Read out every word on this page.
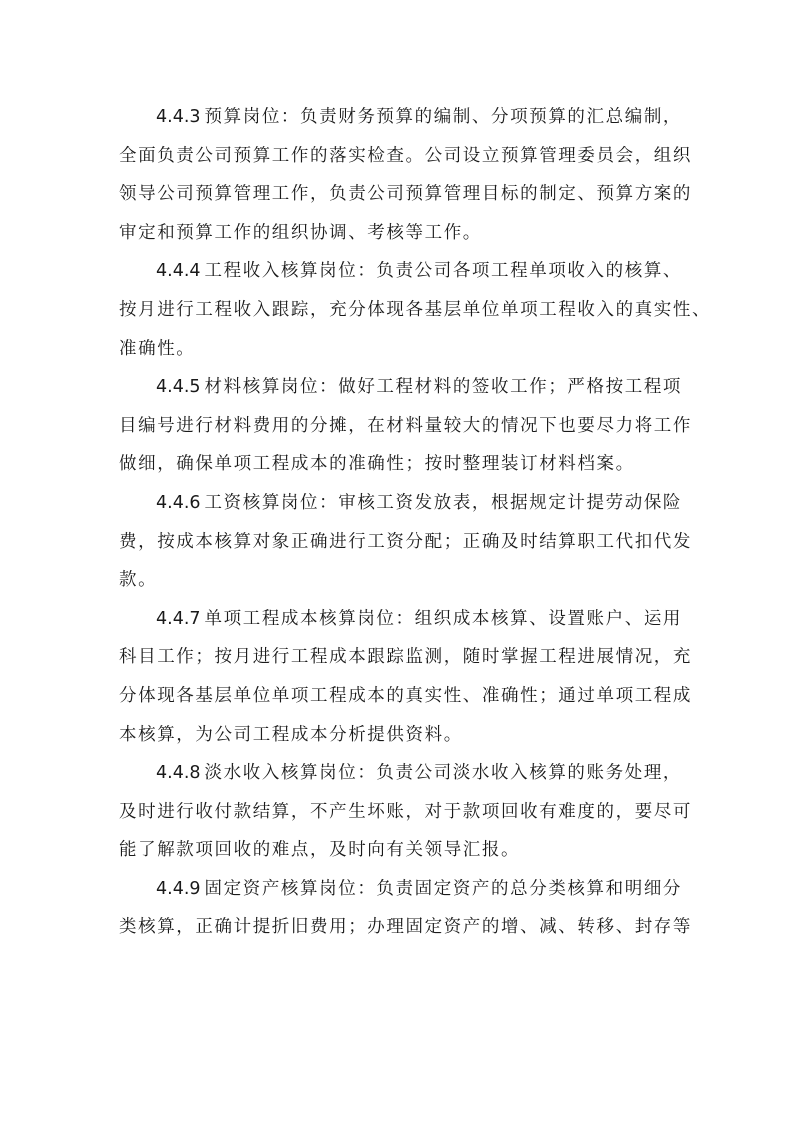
4.4.3 预算岗位：负责财务预算的编制、分项预算的汇总编制，
全面负责公司预算工作的落实检查。公司设立预算管理委员会，组织
领导公司预算管理工作，负责公司预算管理目标的制定、预算方案的
审定和预算工作的组织协调、考核等工作。
4.4.4 工程收入核算岗位：负责公司各项工程单项收入的核算、
按月进行工程收入跟踪，充分体现各基层单位单项工程收入的真实性、
准确性。
4.4.5 材料核算岗位：做好工程材料的签收工作；严格按工程项
目编号进行材料费用的分摊，在材料量较大的情况下也要尽力将工作
做细，确保单项工程成本的准确性；按时整理装订材料档案。
4.4.6 工资核算岗位：审核工资发放表，根据规定计提劳动保险
费，按成本核算对象正确进行工资分配；正确及时结算职工代扣代发
款。
4.4.7 单项工程成本核算岗位：组织成本核算、设置账户、运用
科目工作；按月进行工程成本跟踪监测，随时掌握工程进展情况，充
分体现各基层单位单项工程成本的真实性、准确性；通过单项工程成
本核算，为公司工程成本分析提供资料。
4.4.8 淡水收入核算岗位：负责公司淡水收入核算的账务处理，
及时进行收付款结算，不产生坏账，对于款项回收有难度的，要尽可
能了解款项回收的难点，及时向有关领导汇报。
4.4.9 固定资产核算岗位：负责固定资产的总分类核算和明细分
类核算，正确计提折旧费用；办理固定资产的增、减、转移、封存等
